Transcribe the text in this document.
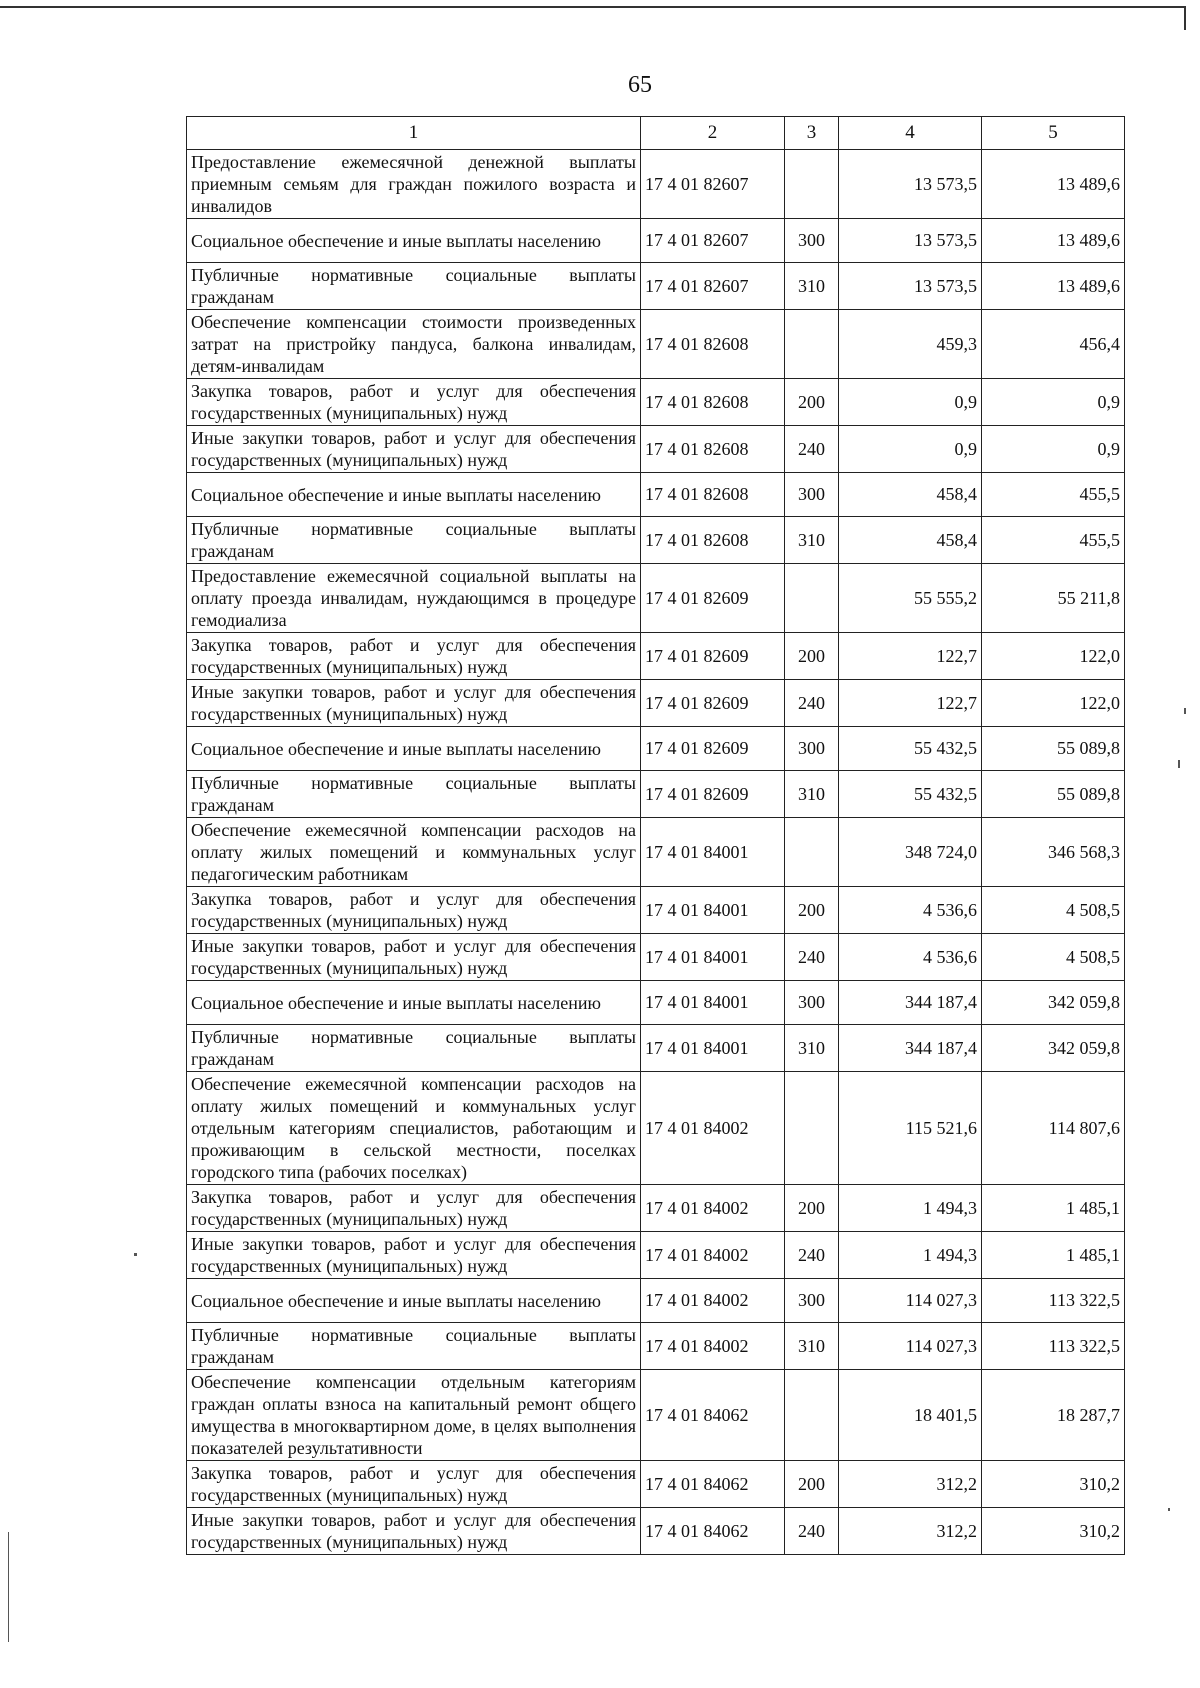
65
1	2	3	4	5
Предоставление ежемесячной денежной выплаты приемным семьям для граждан пожилого возраста и инвалидов	17 4 01 82607		13 573,5	13 489,6
Социальное обеспечение и иные выплаты населению	17 4 01 82607	300	13 573,5	13 489,6
Публичные нормативные социальные выплаты гражданам	17 4 01 82607	310	13 573,5	13 489,6
Обеспечение компенсации стоимости произведенных затрат на пристройку пандуса, балкона инвалидам, детям-инвалидам	17 4 01 82608		459,3	456,4
Закупка товаров, работ и услуг для обеспечения государственных (муниципальных) нужд	17 4 01 82608	200	0,9	0,9
Иные закупки товаров, работ и услуг для обеспечения государственных (муниципальных) нужд	17 4 01 82608	240	0,9	0,9
Социальное обеспечение и иные выплаты населению	17 4 01 82608	300	458,4	455,5
Публичные нормативные социальные выплаты гражданам	17 4 01 82608	310	458,4	455,5
Предоставление ежемесячной социальной выплаты на оплату проезда инвалидам, нуждающимся в процедуре гемодиализа	17 4 01 82609		55 555,2	55 211,8
Закупка товаров, работ и услуг для обеспечения государственных (муниципальных) нужд	17 4 01 82609	200	122,7	122,0
Иные закупки товаров, работ и услуг для обеспечения государственных (муниципальных) нужд	17 4 01 82609	240	122,7	122,0
Социальное обеспечение и иные выплаты населению	17 4 01 82609	300	55 432,5	55 089,8
Публичные нормативные социальные выплаты гражданам	17 4 01 82609	310	55 432,5	55 089,8
Обеспечение ежемесячной компенсации расходов на оплату жилых помещений и коммунальных услуг педагогическим работникам	17 4 01 84001		348 724,0	346 568,3
Закупка товаров, работ и услуг для обеспечения государственных (муниципальных) нужд	17 4 01 84001	200	4 536,6	4 508,5
Иные закупки товаров, работ и услуг для обеспечения государственных (муниципальных) нужд	17 4 01 84001	240	4 536,6	4 508,5
Социальное обеспечение и иные выплаты населению	17 4 01 84001	300	344 187,4	342 059,8
Публичные нормативные социальные выплаты гражданам	17 4 01 84001	310	344 187,4	342 059,8
Обеспечение ежемесячной компенсации расходов на оплату жилых помещений и коммунальных услуг отдельным категориям специалистов, работающим и проживающим в сельской местности, поселках городского типа (рабочих поселках)	17 4 01 84002		115 521,6	114 807,6
Закупка товаров, работ и услуг для обеспечения государственных (муниципальных) нужд	17 4 01 84002	200	1 494,3	1 485,1
Иные закупки товаров, работ и услуг для обеспечения государственных (муниципальных) нужд	17 4 01 84002	240	1 494,3	1 485,1
Социальное обеспечение и иные выплаты населению	17 4 01 84002	300	114 027,3	113 322,5
Публичные нормативные социальные выплаты гражданам	17 4 01 84002	310	114 027,3	113 322,5
Обеспечение компенсации отдельным категориям граждан оплаты взноса на капитальный ремонт общего имущества в многоквартирном доме, в целях выполнения показателей результативности	17 4 01 84062		18 401,5	18 287,7
Закупка товаров, работ и услуг для обеспечения государственных (муниципальных) нужд	17 4 01 84062	200	312,2	310,2
Иные закупки товаров, работ и услуг для обеспечения государственных (муниципальных) нужд	17 4 01 84062	240	312,2	310,2
